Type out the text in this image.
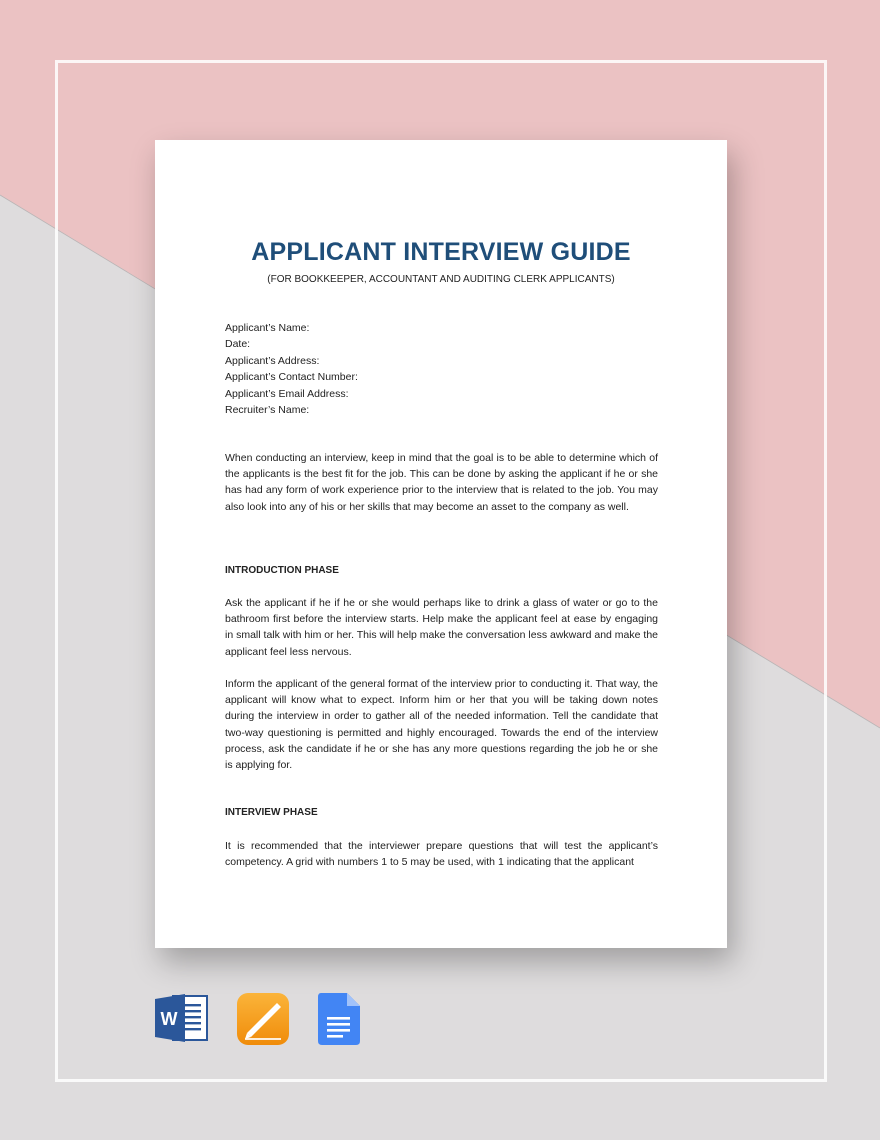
APPLICANT INTERVIEW GUIDE

(FOR BOOKKEEPER, ACCOUNTANT AND AUDITING CLERK APPLICANTS)

Applicant’s Name:
Date:
Applicant’s Address:
Applicant’s Contact Number:
Applicant’s Email Address:
Recruiter’s Name:

When conducting an interview, keep in mind that the goal is to be able to determine which of the applicants is the best fit for the job. This can be done by asking the applicant if he or she has had any form of work experience prior to the interview that is related to the job. You may also look into any of his or her skills that may become an asset to the company as well.

INTRODUCTION PHASE

Ask the applicant if he if he or she would perhaps like to drink a glass of water or go to the bathroom first before the interview starts. Help make the applicant feel at ease by engaging in small talk with him or her. This will help make the conversation less awkward and make the applicant feel less nervous.

Inform the applicant of the general format of the interview prior to conducting it. That way, the applicant will know what to expect. Inform him or her that you will be taking down notes during the interview in order to gather all of the needed information. Tell the candidate that two-way questioning is permitted and highly encouraged. Towards the end of the interview process, ask the candidate if he or she has any more questions regarding the job he or she is applying for.

INTERVIEW PHASE

It is recommended that the interviewer prepare questions that will test the applicant’s competency. A grid with numbers 1 to 5 may be used, with 1 indicating that the applicant

W
